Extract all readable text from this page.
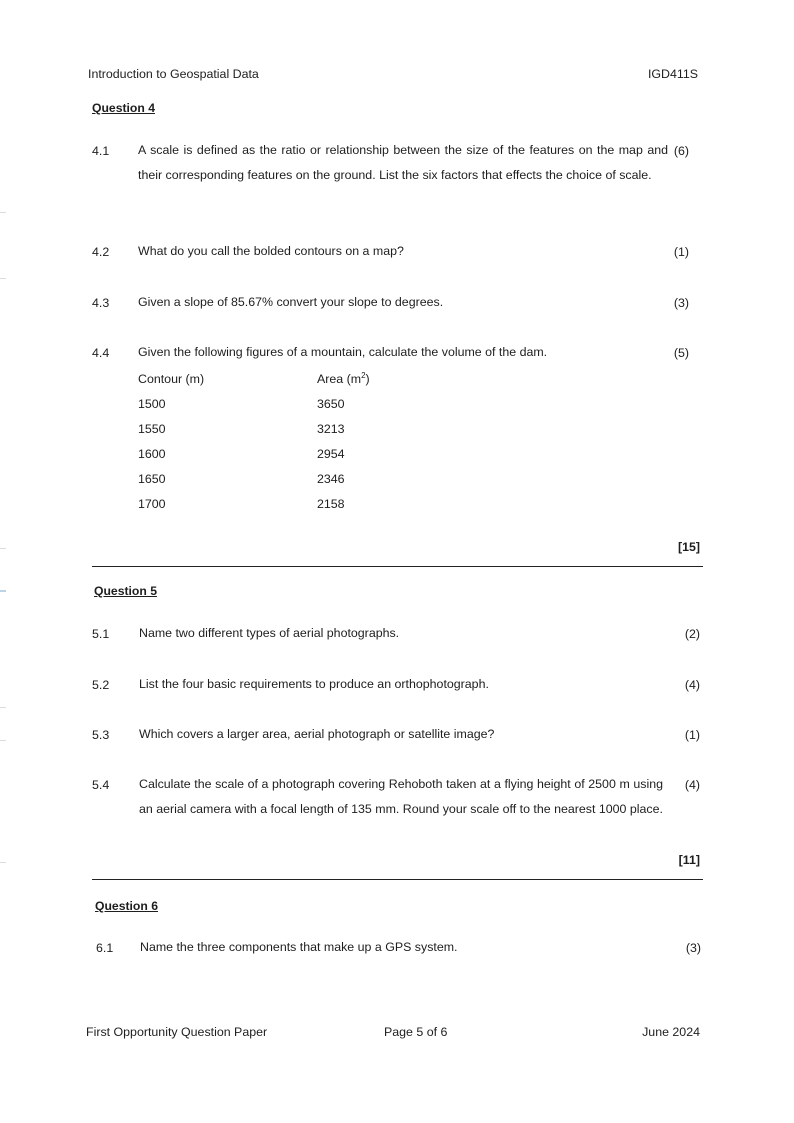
Introduction to Geospatial Data	IGD411S
Question 4
4.1	A scale is defined as the ratio or relationship between the size of the features on the map and their corresponding features on the ground. List the six factors that effects the choice of scale.
(6)
4.2	What do you call the bolded contours on a map?	(1)
4.3	Given a slope of 85.67% convert your slope to degrees.	(3)
4.4	Given the following figures of a mountain, calculate the volume of the dam.	(5)
Contour (m)	Area $(m^2)$
1500	3650
1550	3213
1600	2954
1650	2346
1700	2158
[15]
Question 5
5.1	Name two different types of aerial photographs.	(2)
5.2	List the four basic requirements to produce an orthophotograph.	(4)
5.3	Which covers a larger area, aerial photograph or satellite image?	(1)
5.4	Calculate the scale of a photograph covering Rehoboth taken at a flying height of 2500 m using an aerial camera with a focal length of 135 mm. Round your scale off to the nearest 1000 place.
(4)
[11]
Question 6
6.1	Name the three components that make up a GPS system.	(3)
First Opportunity Question Paper	Page 5 of 6	June 2024
